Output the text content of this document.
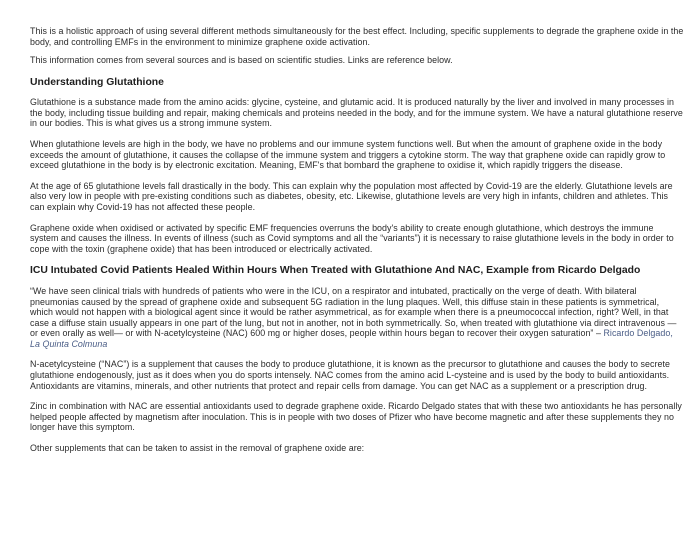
This is a holistic approach of using several different methods simultaneously for the best effect. Including, specific supplements to degrade the graphene oxide in the body, and controlling EMFs in the environment to minimize graphene oxide activation.

This information comes from several sources and is based on scientific studies. Links are reference below.

Understanding Glutathione

Glutathione is a substance made from the amino acids: glycine, cysteine, and glutamic acid. It is produced naturally by the liver and involved in many processes in the body, including tissue building and repair, making chemicals and proteins needed in the body, and for the immune system. We have a natural glutathione reserve in our bodies. This is what gives us a strong immune system.

When glutathione levels are high in the body, we have no problems and our immune system functions well. But when the amount of graphene oxide in the body exceeds the amount of glutathione, it causes the collapse of the immune system and triggers a cytokine storm. The way that graphene oxide can rapidly grow to exceed glutathione in the body is by electronic excitation. Meaning, EMF's that bombard the graphene to oxidise it, which rapidly triggers the disease.

At the age of 65 glutathione levels fall drastically in the body. This can explain why the population most affected by Covid-19 are the elderly. Glutathione levels are also very low in people with pre-existing conditions such as diabetes, obesity, etc. Likewise, glutathione levels are very high in infants, children and athletes. This can explain why Covid-19 has not affected these people.

Graphene oxide when oxidised or activated by specific EMF frequencies overruns the body's ability to create enough glutathione, which destroys the immune system and causes the illness. In events of illness (such as Covid symptoms and all the “variants”) it is necessary to raise glutathione levels in the body in order to cope with the toxin (graphene oxide) that has been introduced or electrically activated.

ICU Intubated Covid Patients Healed Within Hours When Treated with Glutathione And NAC, Example from Ricardo Delgado

“We have seen clinical trials with hundreds of patients who were in the ICU, on a respirator and intubated, practically on the verge of death. With bilateral pneumonias caused by the spread of graphene oxide and subsequent 5G radiation in the lung plaques. Well, this diffuse stain in these patients is symmetrical, which would not happen with a biological agent since it would be rather asymmetrical, as for example when there is a pneumococcal infection, right? Well, in that case a diffuse stain usually appears in one part of the lung, but not in another, not in both symmetrically. So, when treated with glutathione via direct intravenous —or even orally as well— or with N-acetylcysteine (NAC) 600 mg or higher doses, people within hours began to recover their oxygen saturation” – Ricardo Delgado,  La Quinta Colmuna

N-acetylcysteine (“NAC”) is a supplement that causes the body to produce glutathione, it is known as the precursor to glutathione and causes the body to secrete glutathione endogenously, just as it does when you do sports intensely. NAC comes from the amino acid L-cysteine and is used by the body to build antioxidants. Antioxidants are vitamins, minerals, and other nutrients that protect and repair cells from damage. You can get NAC as a supplement or a prescription drug.

Zinc in combination with NAC are essential antioxidants used to degrade graphene oxide. Ricardo Delgado states that with these two antioxidants he has personally helped people affected by magnetism after inoculation. This is in people with two doses of Pfizer who have become magnetic and after these supplements they no longer have this symptom.

Other supplements that can be taken to assist in the removal of graphene oxide are:
